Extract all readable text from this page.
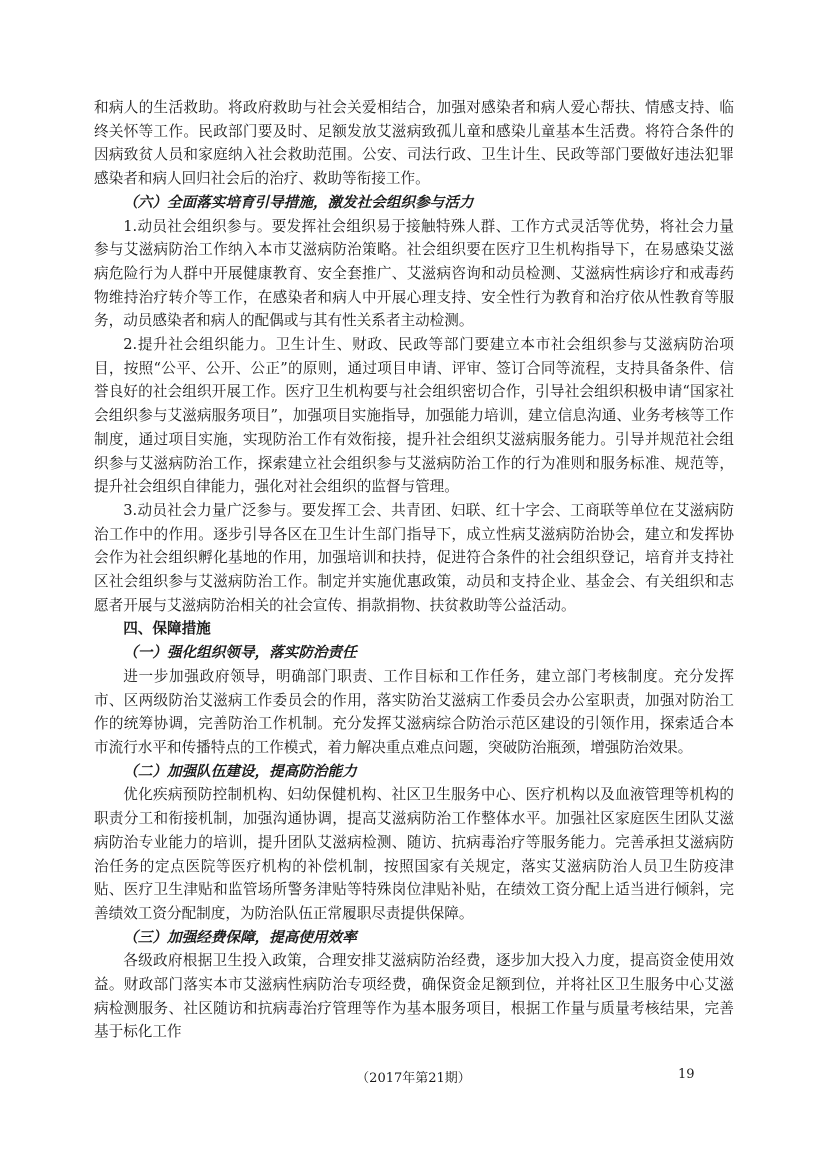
和病人的生活救助。将政府救助与社会关爱相结合，加强对感染者和病人爱心帮扶、情感支持、临终关怀等工作。民政部门要及时、足额发放艾滋病致孤儿童和感染儿童基本生活费。将符合条件的因病致贫人员和家庭纳入社会救助范围。公安、司法行政、卫生计生、民政等部门要做好违法犯罪感染者和病人回归社会后的治疗、救助等衔接工作。

（六）全面落实培育引导措施，激发社会组织参与活力

1.动员社会组织参与。要发挥社会组织易于接触特殊人群、工作方式灵活等优势，将社会力量参与艾滋病防治工作纳入本市艾滋病防治策略。社会组织要在医疗卫生机构指导下，在易感染艾滋病危险行为人群中开展健康教育、安全套推广、艾滋病咨询和动员检测、艾滋病性病诊疗和戒毒药物维持治疗转介等工作，在感染者和病人中开展心理支持、安全性行为教育和治疗依从性教育等服务，动员感染者和病人的配偶或与其有性关系者主动检测。

2.提升社会组织能力。卫生计生、财政、民政等部门要建立本市社会组织参与艾滋病防治项目，按照“公平、公开、公正”的原则，通过项目申请、评审、签订合同等流程，支持具备条件、信誉良好的社会组织开展工作。医疗卫生机构要与社会组织密切合作，引导社会组织积极申请“国家社会组织参与艾滋病服务项目”，加强项目实施指导，加强能力培训，建立信息沟通、业务考核等工作制度，通过项目实施，实现防治工作有效衔接，提升社会组织艾滋病服务能力。引导并规范社会组织参与艾滋病防治工作，探索建立社会组织参与艾滋病防治工作的行为准则和服务标准、规范等，提升社会组织自律能力，强化对社会组织的监督与管理。

3.动员社会力量广泛参与。要发挥工会、共青团、妇联、红十字会、工商联等单位在艾滋病防治工作中的作用。逐步引导各区在卫生计生部门指导下，成立性病艾滋病防治协会，建立和发挥协会作为社会组织孵化基地的作用，加强培训和扶持，促进符合条件的社会组织登记，培育并支持社区社会组织参与艾滋病防治工作。制定并实施优惠政策，动员和支持企业、基金会、有关组织和志愿者开展与艾滋病防治相关的社会宣传、捐款捐物、扶贫救助等公益活动。

四、保障措施

（一）强化组织领导，落实防治责任

进一步加强政府领导，明确部门职责、工作目标和工作任务，建立部门考核制度。充分发挥市、区两级防治艾滋病工作委员会的作用，落实防治艾滋病工作委员会办公室职责，加强对防治工作的统筹协调，完善防治工作机制。充分发挥艾滋病综合防治示范区建设的引领作用，探索适合本市流行水平和传播特点的工作模式，着力解决重点难点问题，突破防治瓶颈，增强防治效果。

（二）加强队伍建设，提高防治能力

优化疾病预防控制机构、妇幼保健机构、社区卫生服务中心、医疗机构以及血液管理等机构的职责分工和衔接机制，加强沟通协调，提高艾滋病防治工作整体水平。加强社区家庭医生团队艾滋病防治专业能力的培训，提升团队艾滋病检测、随访、抗病毒治疗等服务能力。完善承担艾滋病防治任务的定点医院等医疗机构的补偿机制，按照国家有关规定，落实艾滋病防治人员卫生防疫津贴、医疗卫生津贴和监管场所警务津贴等特殊岗位津贴补贴，在绩效工资分配上适当进行倾斜，完善绩效工资分配制度，为防治队伍正常履职尽责提供保障。

（三）加强经费保障，提高使用效率

各级政府根据卫生投入政策，合理安排艾滋病防治经费，逐步加大投入力度，提高资金使用效益。财政部门落实本市艾滋病性病防治专项经费，确保资金足额到位，并将社区卫生服务中心艾滋病检测服务、社区随访和抗病毒治疗管理等作为基本服务项目，根据工作量与质量考核结果，完善基于标化工作

（2017年第21期）	19
